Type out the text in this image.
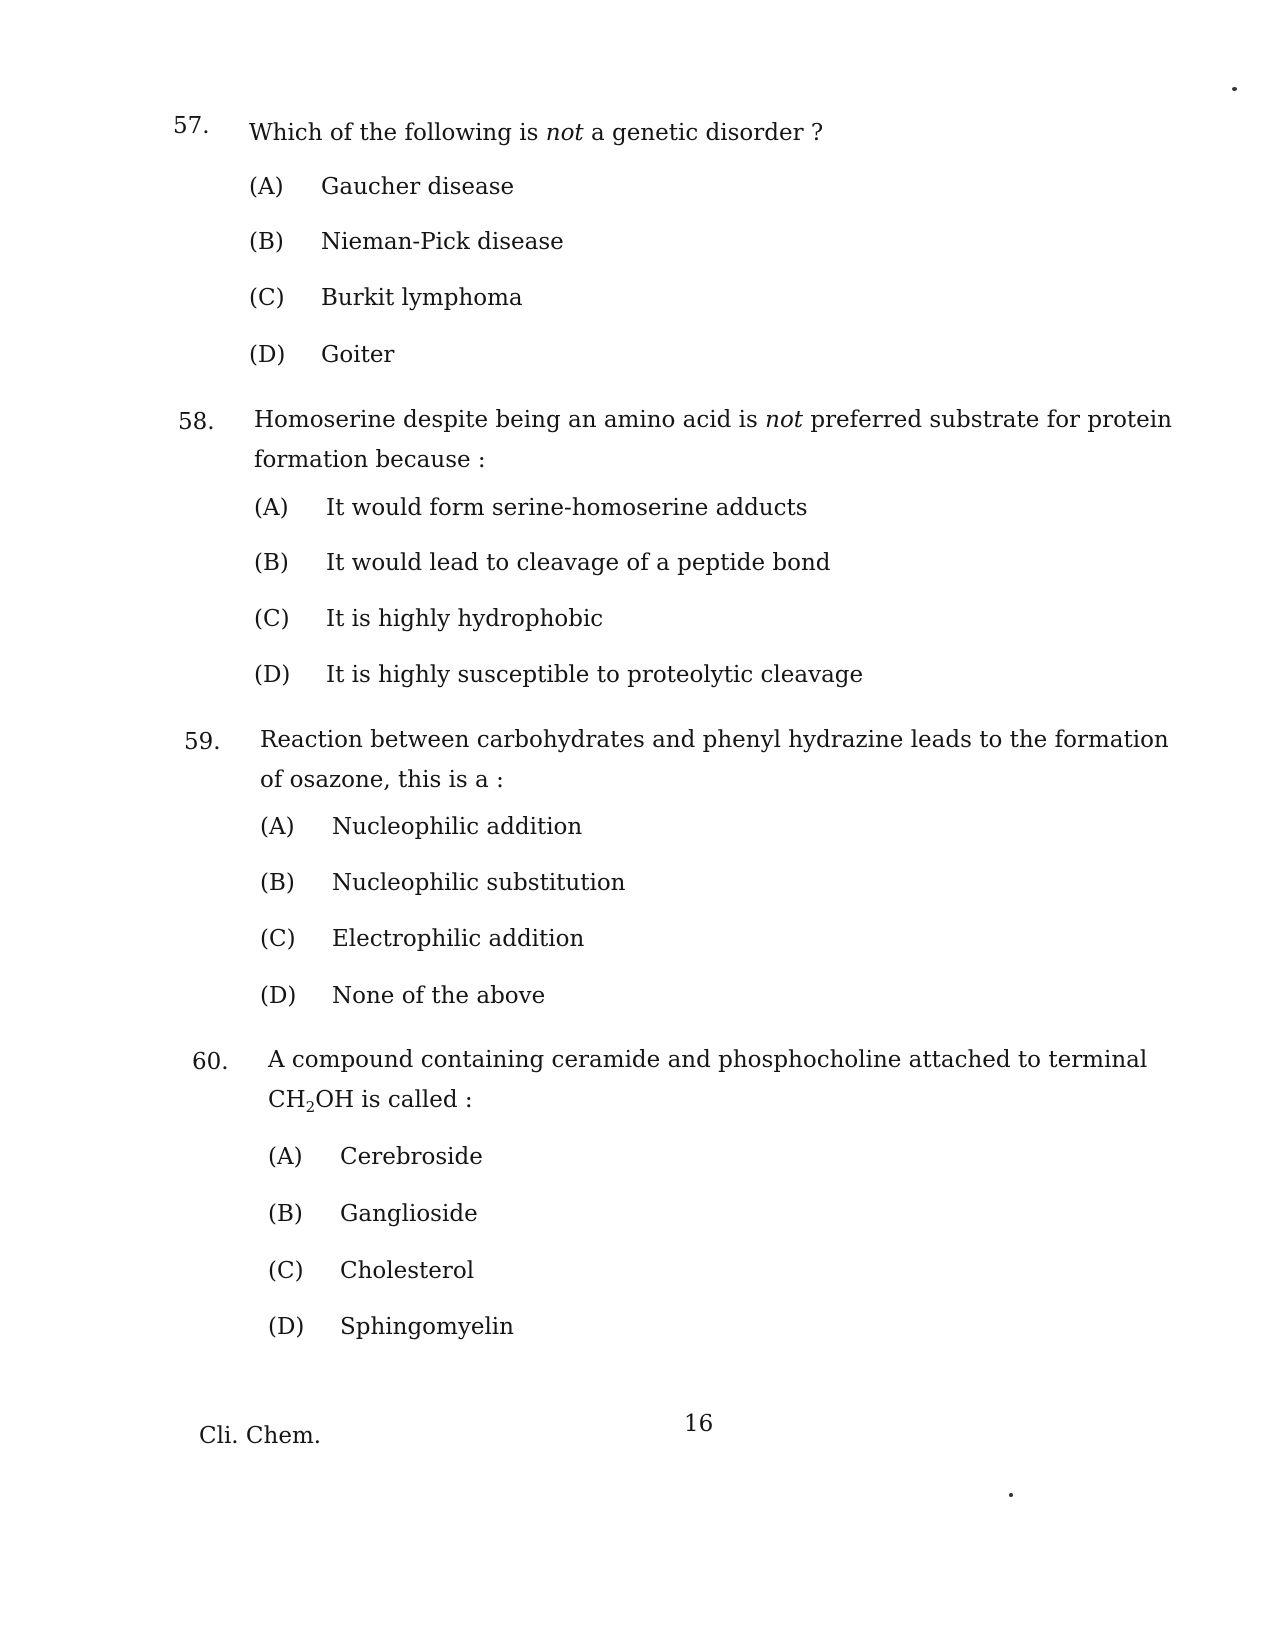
57. Which of the following is not a genetic disorder ?
(A) Gaucher disease
(B) Nieman-Pick disease
(C) Burkit lymphoma
(D) Goiter
58. Homoserine despite being an amino acid is not preferred substrate for protein formation because :
(A) It would form serine-homoserine adducts
(B) It would lead to cleavage of a peptide bond
(C) It is highly hydrophobic
(D) It is highly susceptible to proteolytic cleavage
59. Reaction between carbohydrates and phenyl hydrazine leads to the formation of osazone, this is a :
(A) Nucleophilic addition
(B) Nucleophilic substitution
(C) Electrophilic addition
(D) None of the above
60. A compound containing ceramide and phosphocholine attached to terminal
$CH_2OH$ is called :
(A) Cerebroside
(B) Ganglioside
(C) Cholesterol
(D) Sphingomyelin
Cli. Chem.	16
